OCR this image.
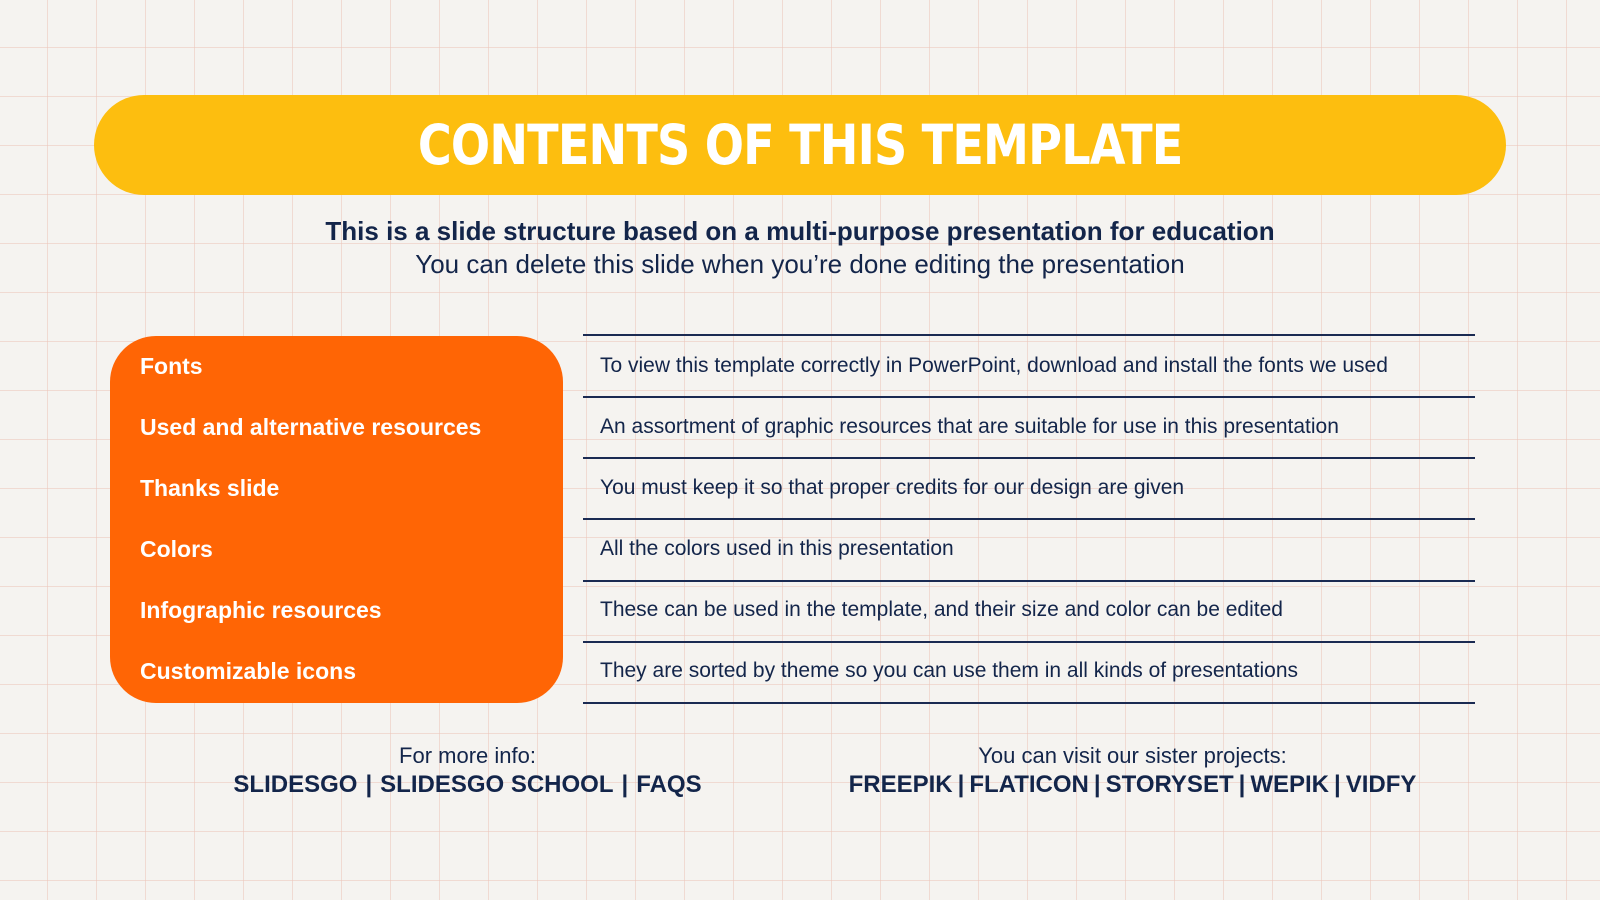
CONTENTS OF THIS TEMPLATE
This is a slide structure based on a multi-purpose presentation for education
You can delete this slide when you’re done editing the presentation
Fonts
Used and alternative resources
Thanks slide
Colors
Infographic resources
Customizable icons
To view this template correctly in PowerPoint, download and install the fonts we used
An assortment of graphic resources that are suitable for use in this presentation
You must keep it so that proper credits for our design are given
All the colors used in this presentation
These can be used in the template, and their size and color can be edited
They are sorted by theme so you can use them in all kinds of presentations
For more info:
SLIDESGO | SLIDESGO SCHOOL | FAQS
You can visit our sister projects:
FREEPIK | FLATICON | STORYSET | WEPIK | VIDFY
